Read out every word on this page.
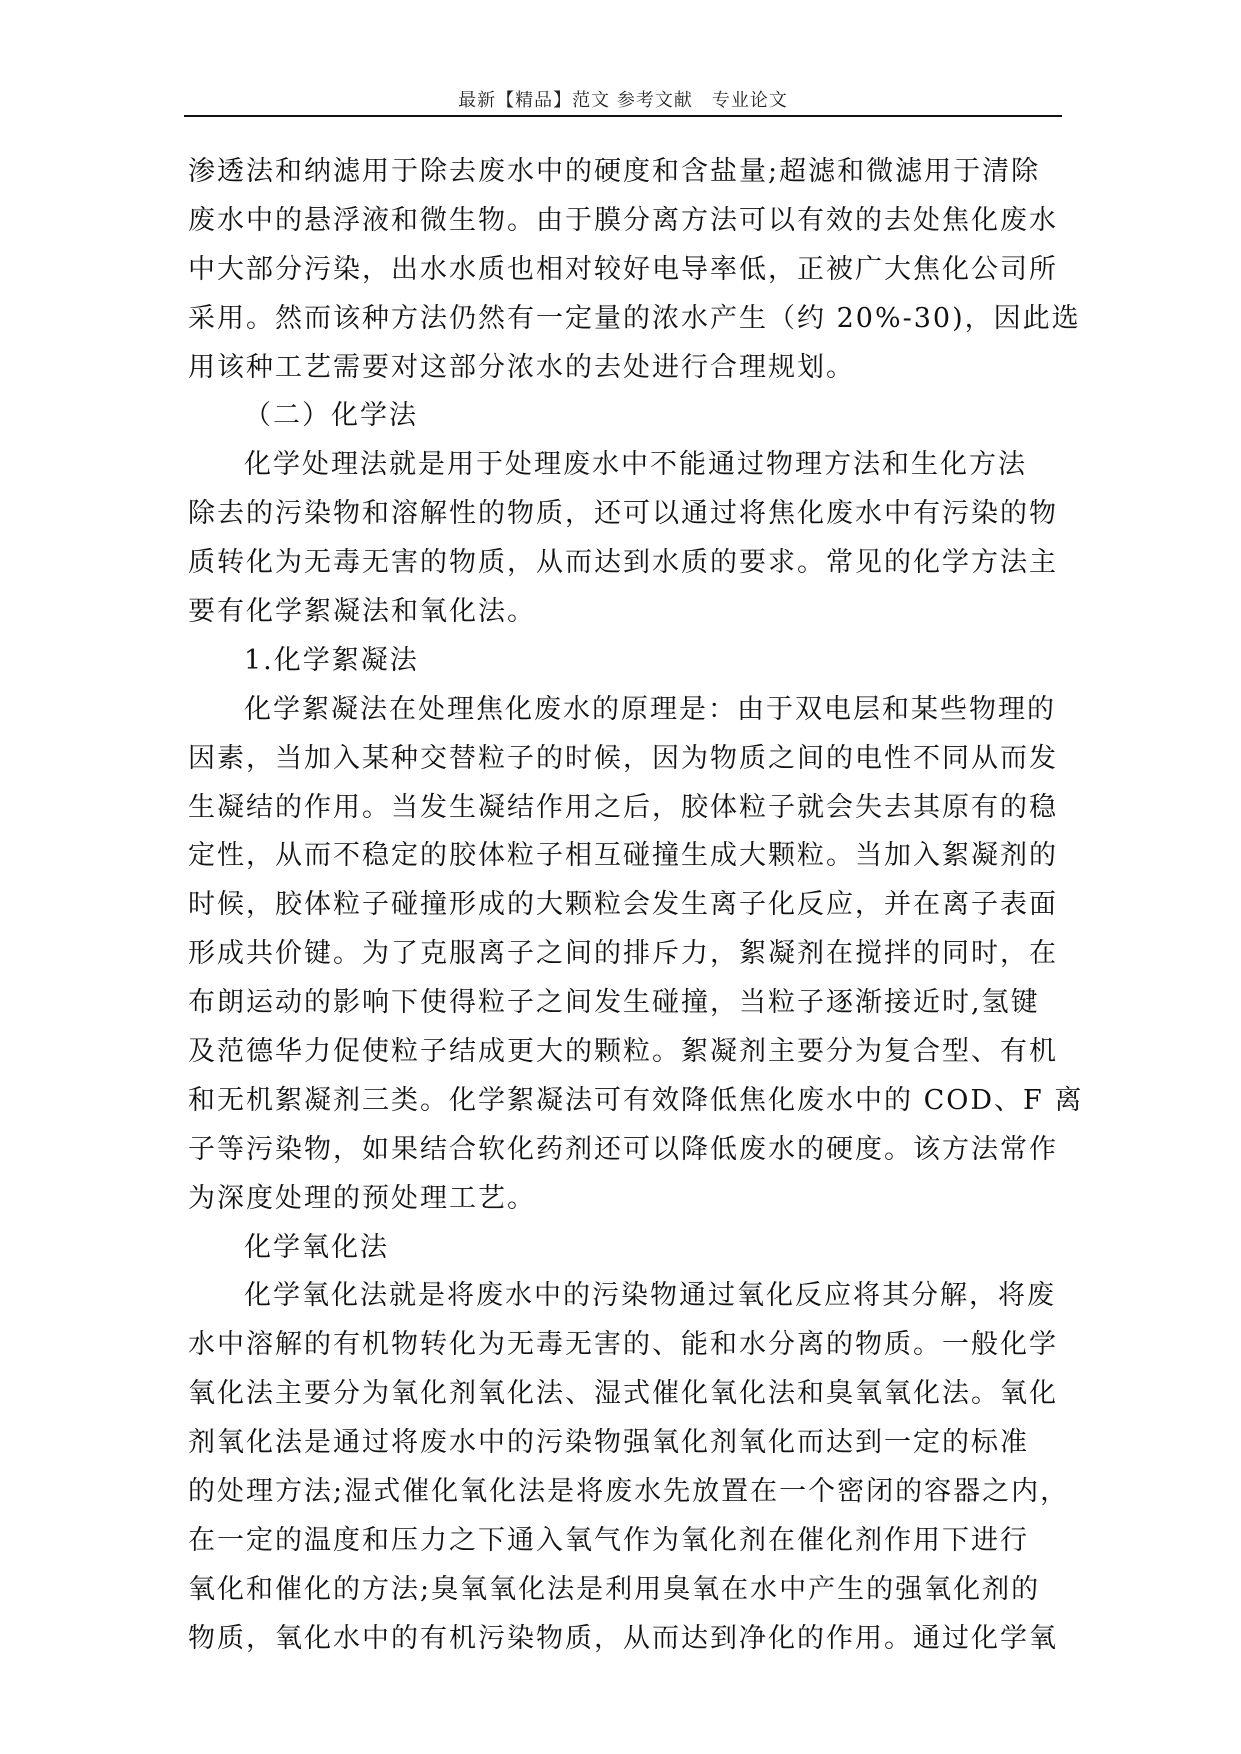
最新【精品】范文 参考文献　专业论文
渗透法和纳滤用于除去废水中的硬度和含盐量;超滤和微滤用于清除
废水中的悬浮液和微生物。由于膜分离方法可以有效的去处焦化废水
中大部分污染，出水水质也相对较好电导率低，正被广大焦化公司所
采用。然而该种方法仍然有一定量的浓水产生（约 20%-30)，因此选
用该种工艺需要对这部分浓水的去处进行合理规划。
（二）化学法
化学处理法就是用于处理废水中不能通过物理方法和生化方法
除去的污染物和溶解性的物质，还可以通过将焦化废水中有污染的物
质转化为无毒无害的物质，从而达到水质的要求。常见的化学方法主
要有化学絮凝法和氧化法。
1.化学絮凝法
化学絮凝法在处理焦化废水的原理是：由于双电层和某些物理的
因素，当加入某种交替粒子的时候，因为物质之间的电性不同从而发
生凝结的作用。当发生凝结作用之后，胶体粒子就会失去其原有的稳
定性，从而不稳定的胶体粒子相互碰撞生成大颗粒。当加入絮凝剂的
时候，胶体粒子碰撞形成的大颗粒会发生离子化反应，并在离子表面
形成共价键。为了克服离子之间的排斥力，絮凝剂在搅拌的同时，在
布朗运动的影响下使得粒子之间发生碰撞，当粒子逐渐接近时,氢键
及范德华力促使粒子结成更大的颗粒。絮凝剂主要分为复合型、有机
和无机絮凝剂三类。化学絮凝法可有效降低焦化废水中的 COD、F 离
子等污染物，如果结合软化药剂还可以降低废水的硬度。该方法常作
为深度处理的预处理工艺。
化学氧化法
化学氧化法就是将废水中的污染物通过氧化反应将其分解，将废
水中溶解的有机物转化为无毒无害的、能和水分离的物质。一般化学
氧化法主要分为氧化剂氧化法、湿式催化氧化法和臭氧氧化法。氧化
剂氧化法是通过将废水中的污染物强氧化剂氧化而达到一定的标准
的处理方法;湿式催化氧化法是将废水先放置在一个密闭的容器之内，
在一定的温度和压力之下通入氧气作为氧化剂在催化剂作用下进行
氧化和催化的方法;臭氧氧化法是利用臭氧在水中产生的强氧化剂的
物质，氧化水中的有机污染物质，从而达到净化的作用。通过化学氧
